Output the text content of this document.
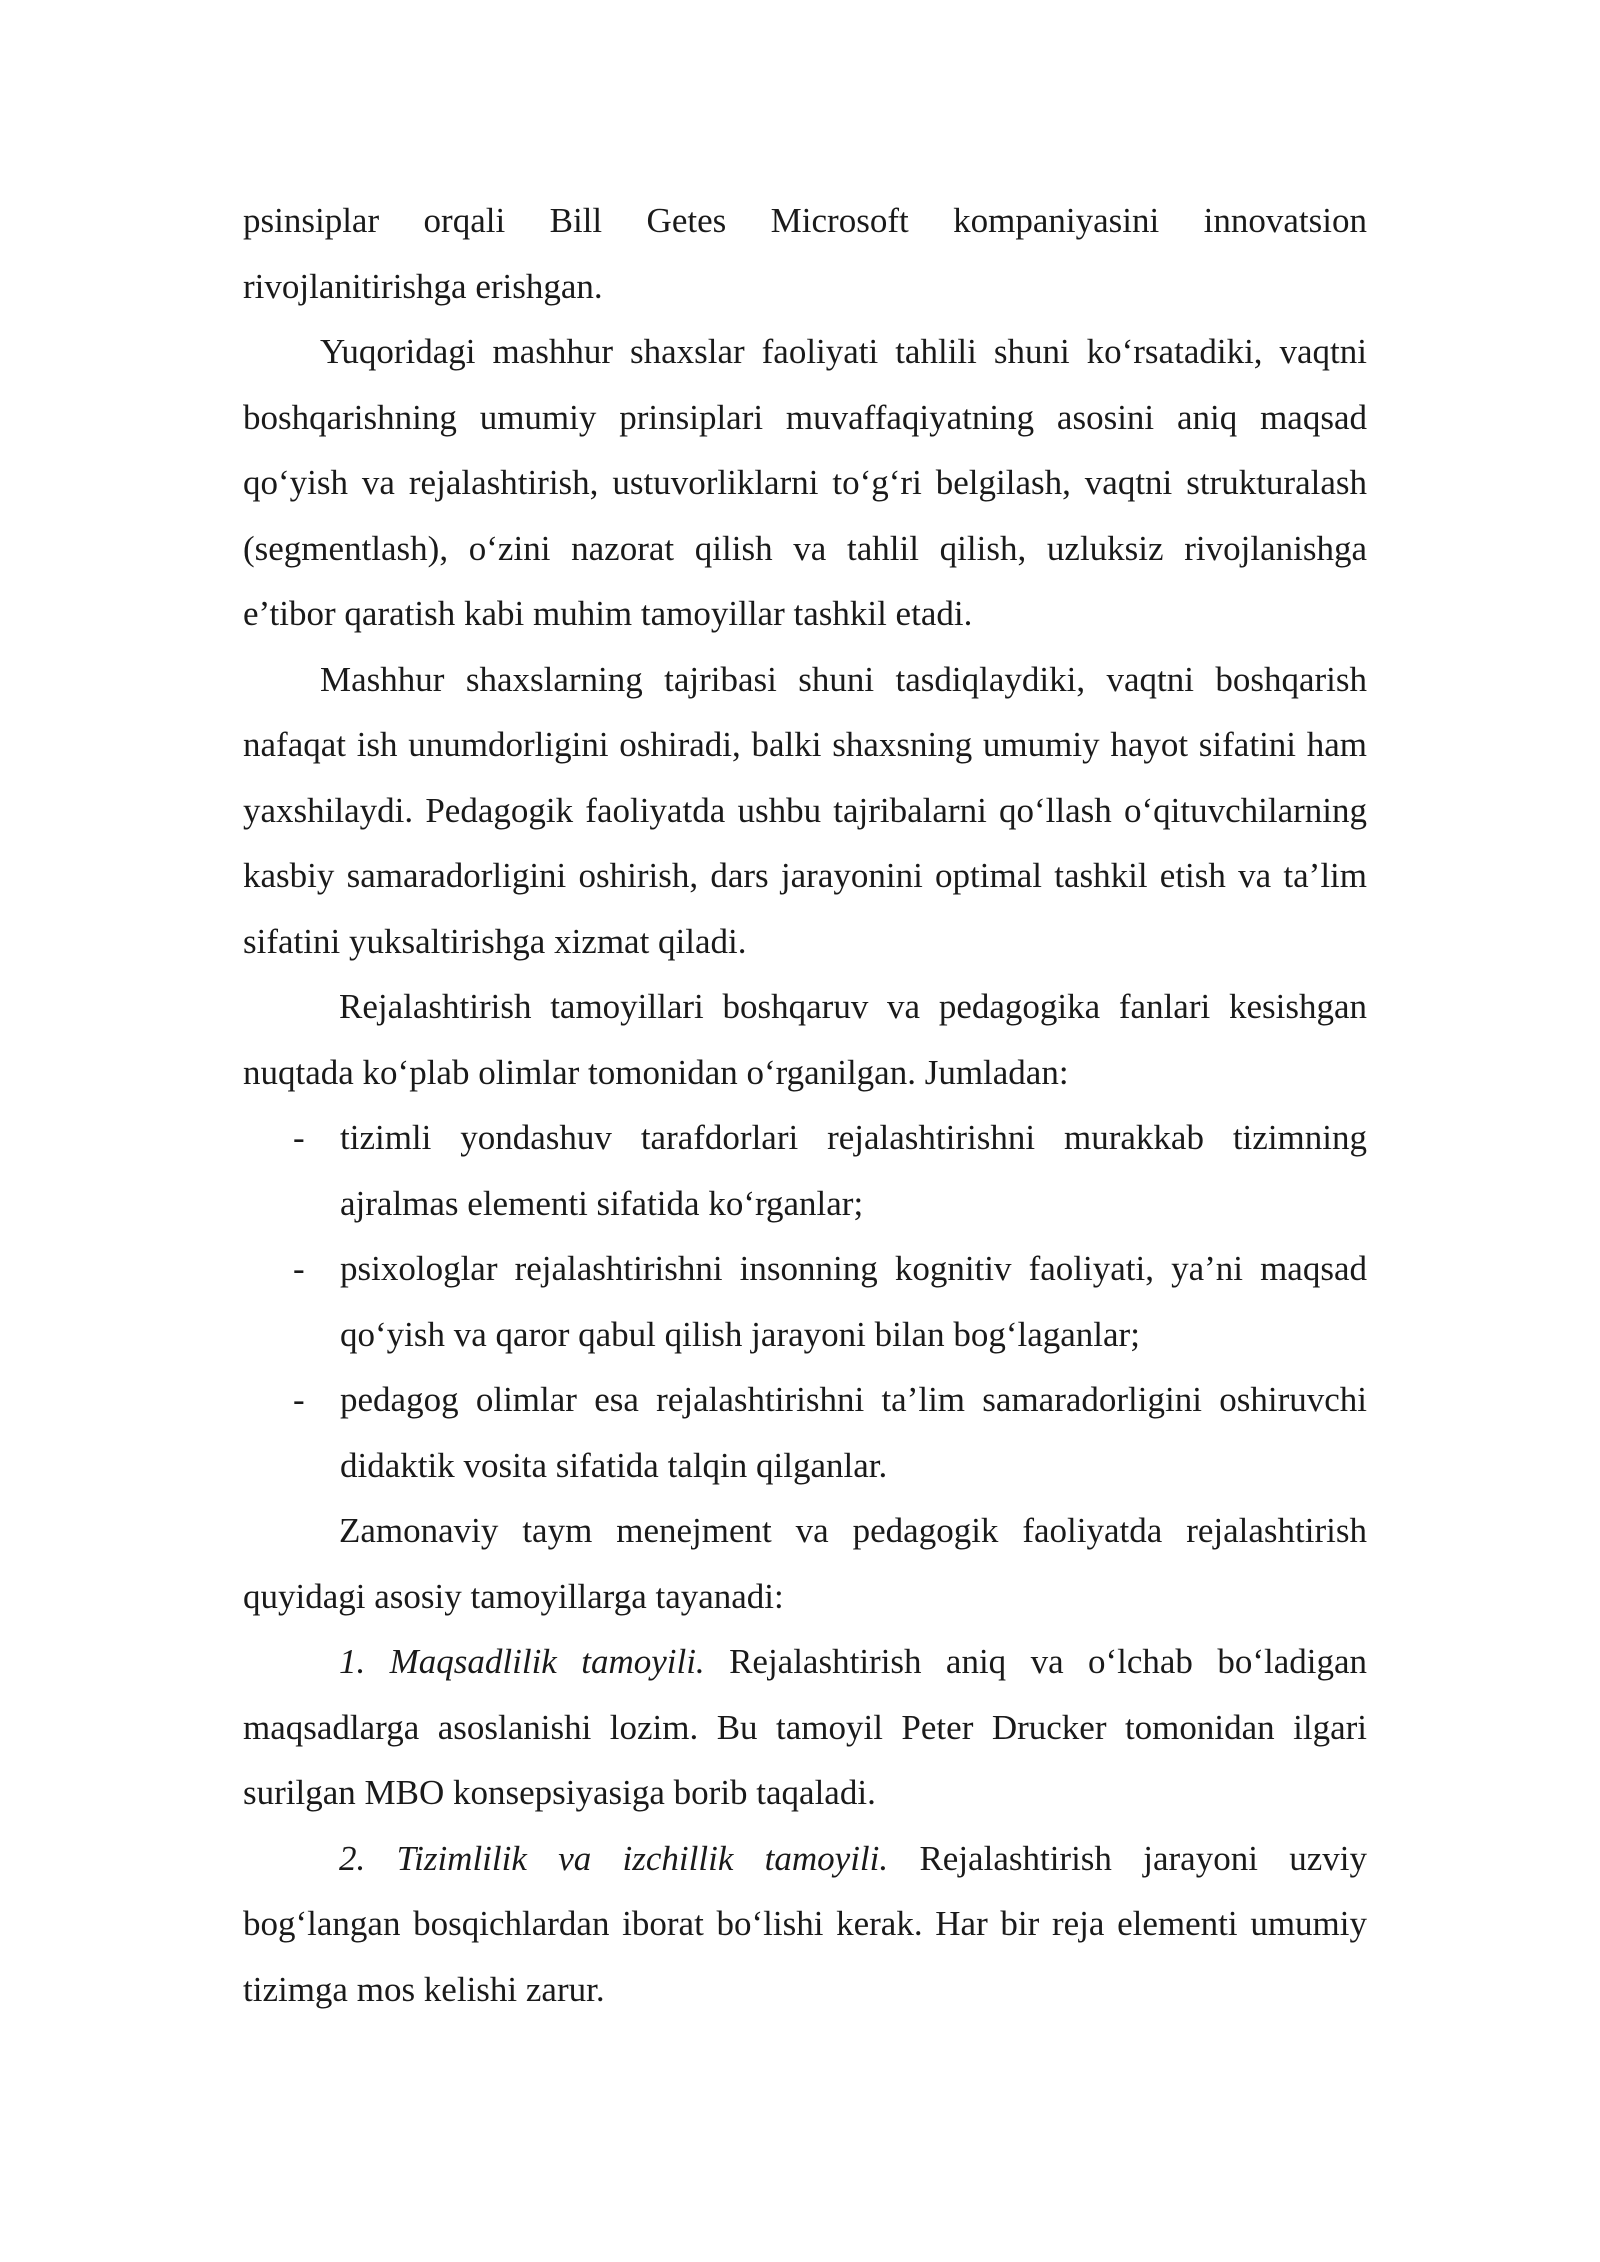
psinsiplar orqali Bill Getes Microsoft kompaniyasini innovatsion rivojlanitirishga erishgan.

Yuqoridagi mashhur shaxslar faoliyati tahlili shuni ko‘rsatadiki, vaqtni boshqarishning umumiy prinsiplari muvaffaqiyatning asosini aniq maqsad qo‘yish va rejalashtirish, ustuvorliklarni to‘g‘ri belgilash, vaqtni strukturalash (segmentlash), o‘zini nazorat qilish va tahlil qilish, uzluksiz rivojlanishga e’tibor qaratish kabi muhim tamoyillar tashkil etadi.

Mashhur shaxslarning tajribasi shuni tasdiqlaydiki, vaqtni boshqarish nafaqat ish unumdorligini oshiradi, balki shaxsning umumiy hayot sifatini ham yaxshilaydi. Pedagogik faoliyatda ushbu tajribalarni qo‘llash o‘qituvchilarning kasbiy samaradorligini oshirish, dars jarayonini optimal tashkil etish va ta’lim sifatini yuksaltirishga xizmat qiladi.

Rejalashtirish tamoyillari boshqaruv va pedagogika fanlari kesishgan nuqtada ko‘plab olimlar tomonidan o‘rganilgan. Jumladan:

- tizimli yondashuv tarafdorlari rejalashtirishni murakkab tizimning ajralmas elementi sifatida ko‘rganlar;
- psixologlar rejalashtirishni insonning kognitiv faoliyati, ya’ni maqsad qo‘yish va qaror qabul qilish jarayoni bilan bog‘laganlar;
- pedagog olimlar esa rejalashtirishni ta’lim samaradorligini oshiruvchi didaktik vosita sifatida talqin qilganlar.

Zamonaviy taym menejment va pedagogik faoliyatda rejalashtirish quyidagi asosiy tamoyillarga tayanadi:

1. Maqsadlilik tamoyili. Rejalashtirish aniq va o‘lchab bo‘ladigan maqsadlarga asoslanishi lozim. Bu tamoyil Peter Drucker tomonidan ilgari surilgan MBO konsepsiyasiga borib taqaladi.

2. Tizimlilik va izchillik tamoyili. Rejalashtirish jarayoni uzviy bog‘langan bosqichlardan iborat bo‘lishi kerak. Har bir reja elementi umumiy tizimga mos kelishi zarur.
